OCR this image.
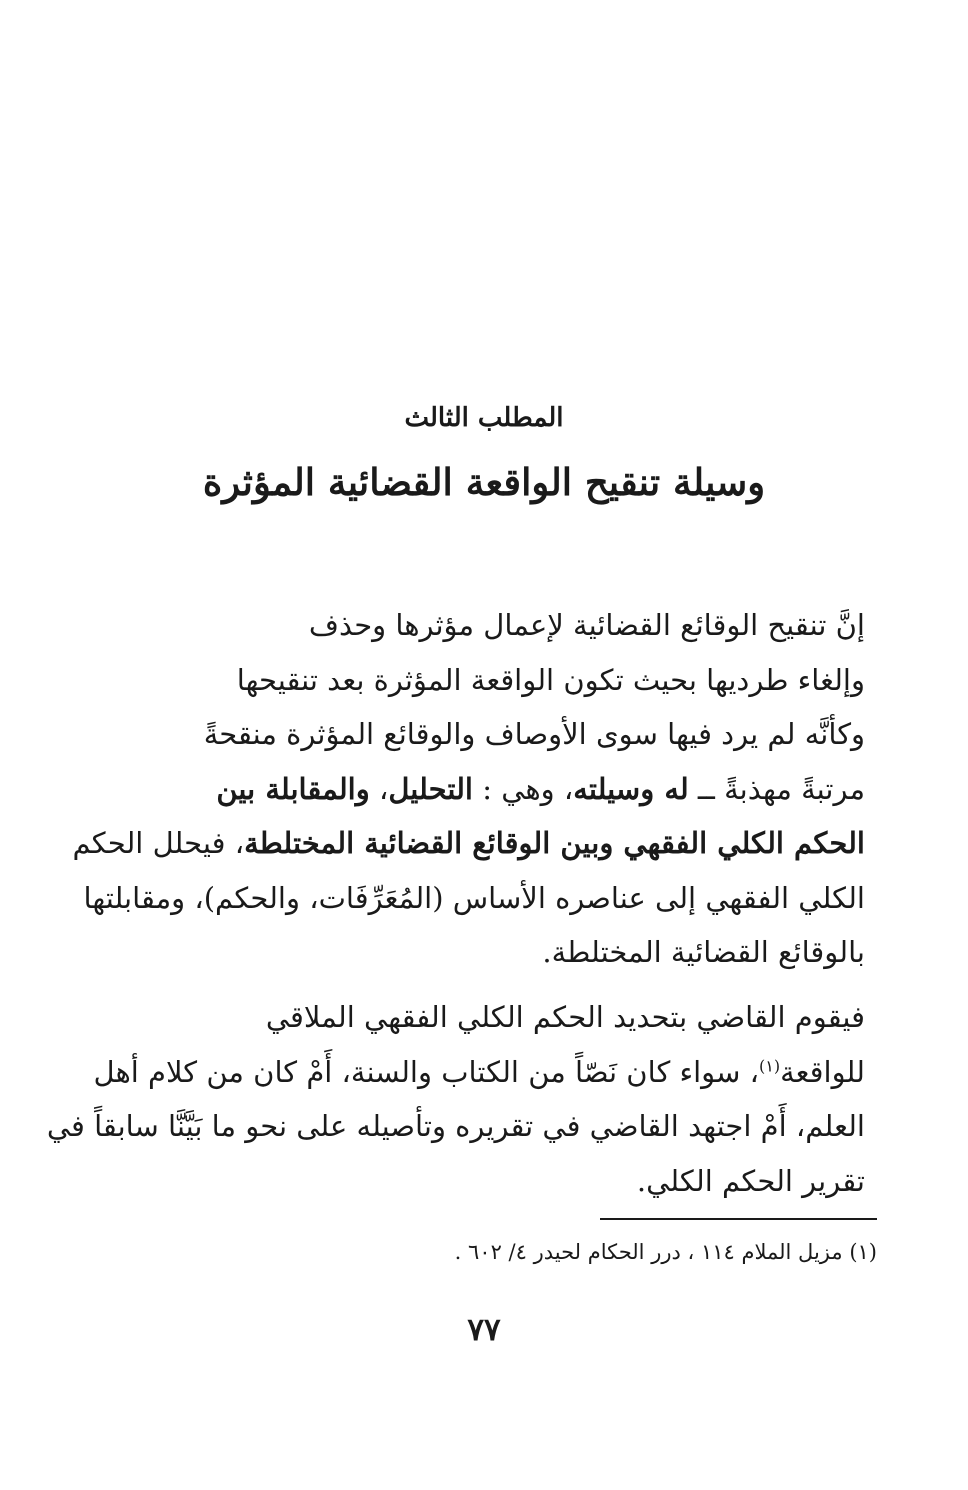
المطلب الثالث
وسيلة تنقيح الواقعة القضائية المؤثرة
إنَّ تنقيح الوقائع القضائية لإعمال مؤثرها وحذف
وإلغاء طرديها بحيث تكون الواقعة المؤثرة بعد تنقيحها
وكأنَّه لم يرد فيها سوى الأوصاف والوقائع المؤثرة منقحةً
مرتبةً مهذبةً ــ له وسيلته، وهي : التحليل، والمقابلة بين
الحكم الكلي الفقهي وبين الوقائع القضائية المختلطة، فيحلل الحكم
الكلي الفقهي إلى عناصره الأساس (المُعَرِّفَات، والحكم)، ومقابلتها
بالوقائع القضائية المختلطة.
فيقوم القاضي بتحديد الحكم الكلي الفقهي الملاقي
للواقعة$^{(١)}$، سواء كان نَصّاً من الكتاب والسنة، أَمْ كان من كلام أهل
العلم، أَمْ اجتهد القاضي في تقريره وتأصيله على نحو ما بَيَّنَّا سابقاً في
تقرير الحكم الكلي.
(١) مزيل الملام ١١٤ ، درر الحكام لحيدر ٤/ ٦٠٢ .
٧٧
